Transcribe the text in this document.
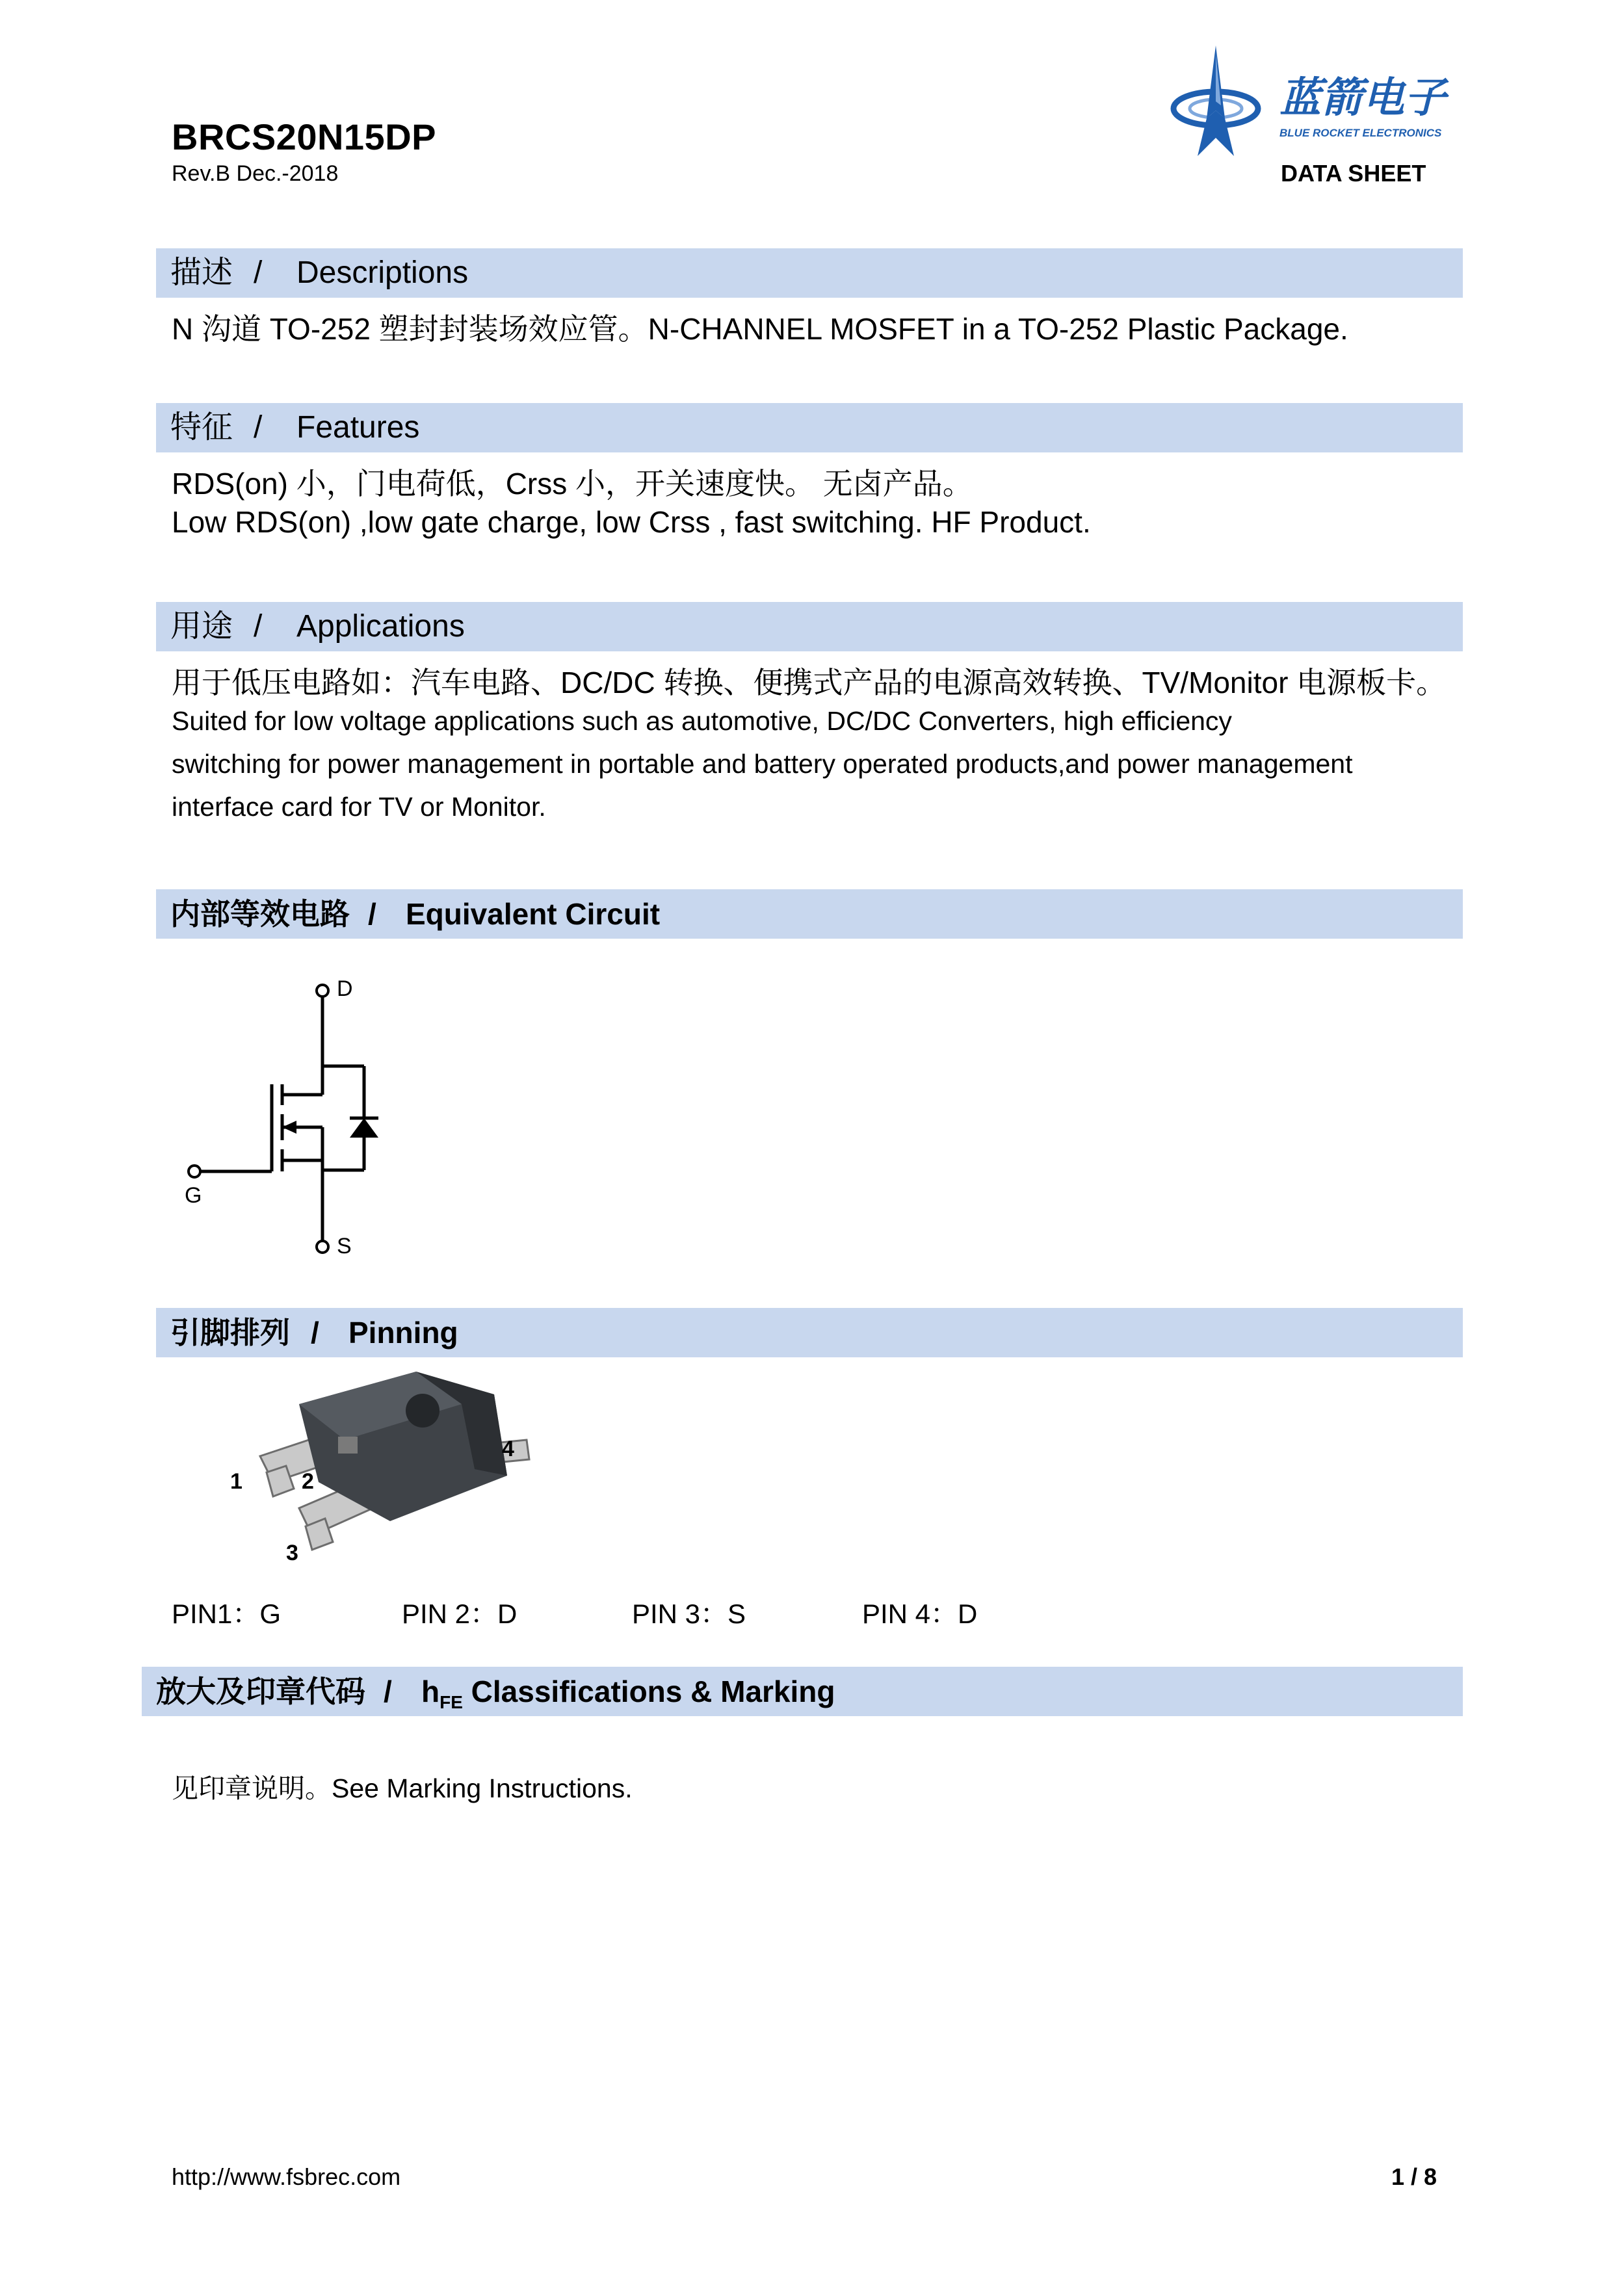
BRCS20N15DP
Rev.B Dec.-2018	DATA SHEET
蓝箭电子
BLUE ROCKET ELECTRONICS
描述 / Descriptions
N 沟道 TO-252 塑封封装场效应管。N-CHANNEL MOSFET in a TO-252 Plastic Package.
特征 / Features
RDS(on) 小，门电荷低，Crss 小，开关速度快。 无卤产品。
Low RDS(on) ,low gate charge, low Crss , fast switching. HF Product.
用途 / Applications
用于低压电路如：汽车电路、DC/DC 转换、便携式产品的电源高效转换、TV/Monitor 电源板卡。
Suited for low voltage applications such as automotive, DC/DC Converters, high efficiency
switching for power management in portable and battery operated products,and power management
interface card for TV or Monitor.
内部等效电路 / Equivalent Circuit
D
G
S
引脚排列 / Pinning
1	2
3
4
PIN1：G	PIN 2：D	PIN 3：S	PIN 4：D
放大及印章代码 / $h_{FE}$ Classifications & Marking
见印章说明。See Marking Instructions.
http://www.fsbrec.com	1 / 8
